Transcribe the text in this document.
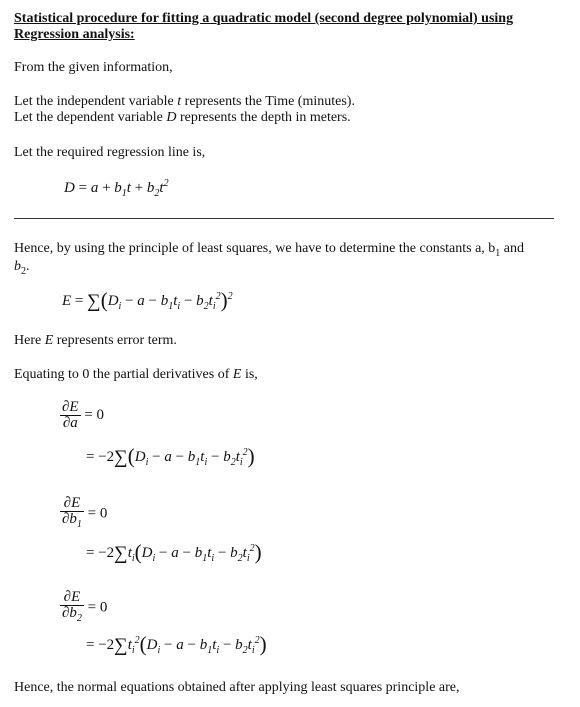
Statistical procedure for fitting a quadratic model (second degree polynomial) using
Regression analysis:
From the given information,
Let the independent variable t represents the Time (minutes).
Let the dependent variable D represents the depth in meters.
Let the required regression line is,
$D = a + b_1t + b_2t^2$
Hence, by using the principle of least squares, we have to determine the constants a, $b_1$ and
$b_2$.
$E = \sum(D_i - a - b_1t_i - b_2t_i^2)^2$
Here E represents error term.
Equating to 0 the partial derivatives of E is,
$\frac{\partial E}{\partial a} = 0$
= $-2\sum(D_i - a - b_1t_i - b_2t_i^2)$
$\frac{\partial E}{\partial b_1} = 0$
= $-2\sum t_i(D_i - a - b_1t_i - b_2t_i^2)$
$\frac{\partial E}{\partial b_2} = 0$
= $-2\sum t_i^2(D_i - a - b_1t_i - b_2t_i^2)$
Hence, the normal equations obtained after applying least squares principle are,
